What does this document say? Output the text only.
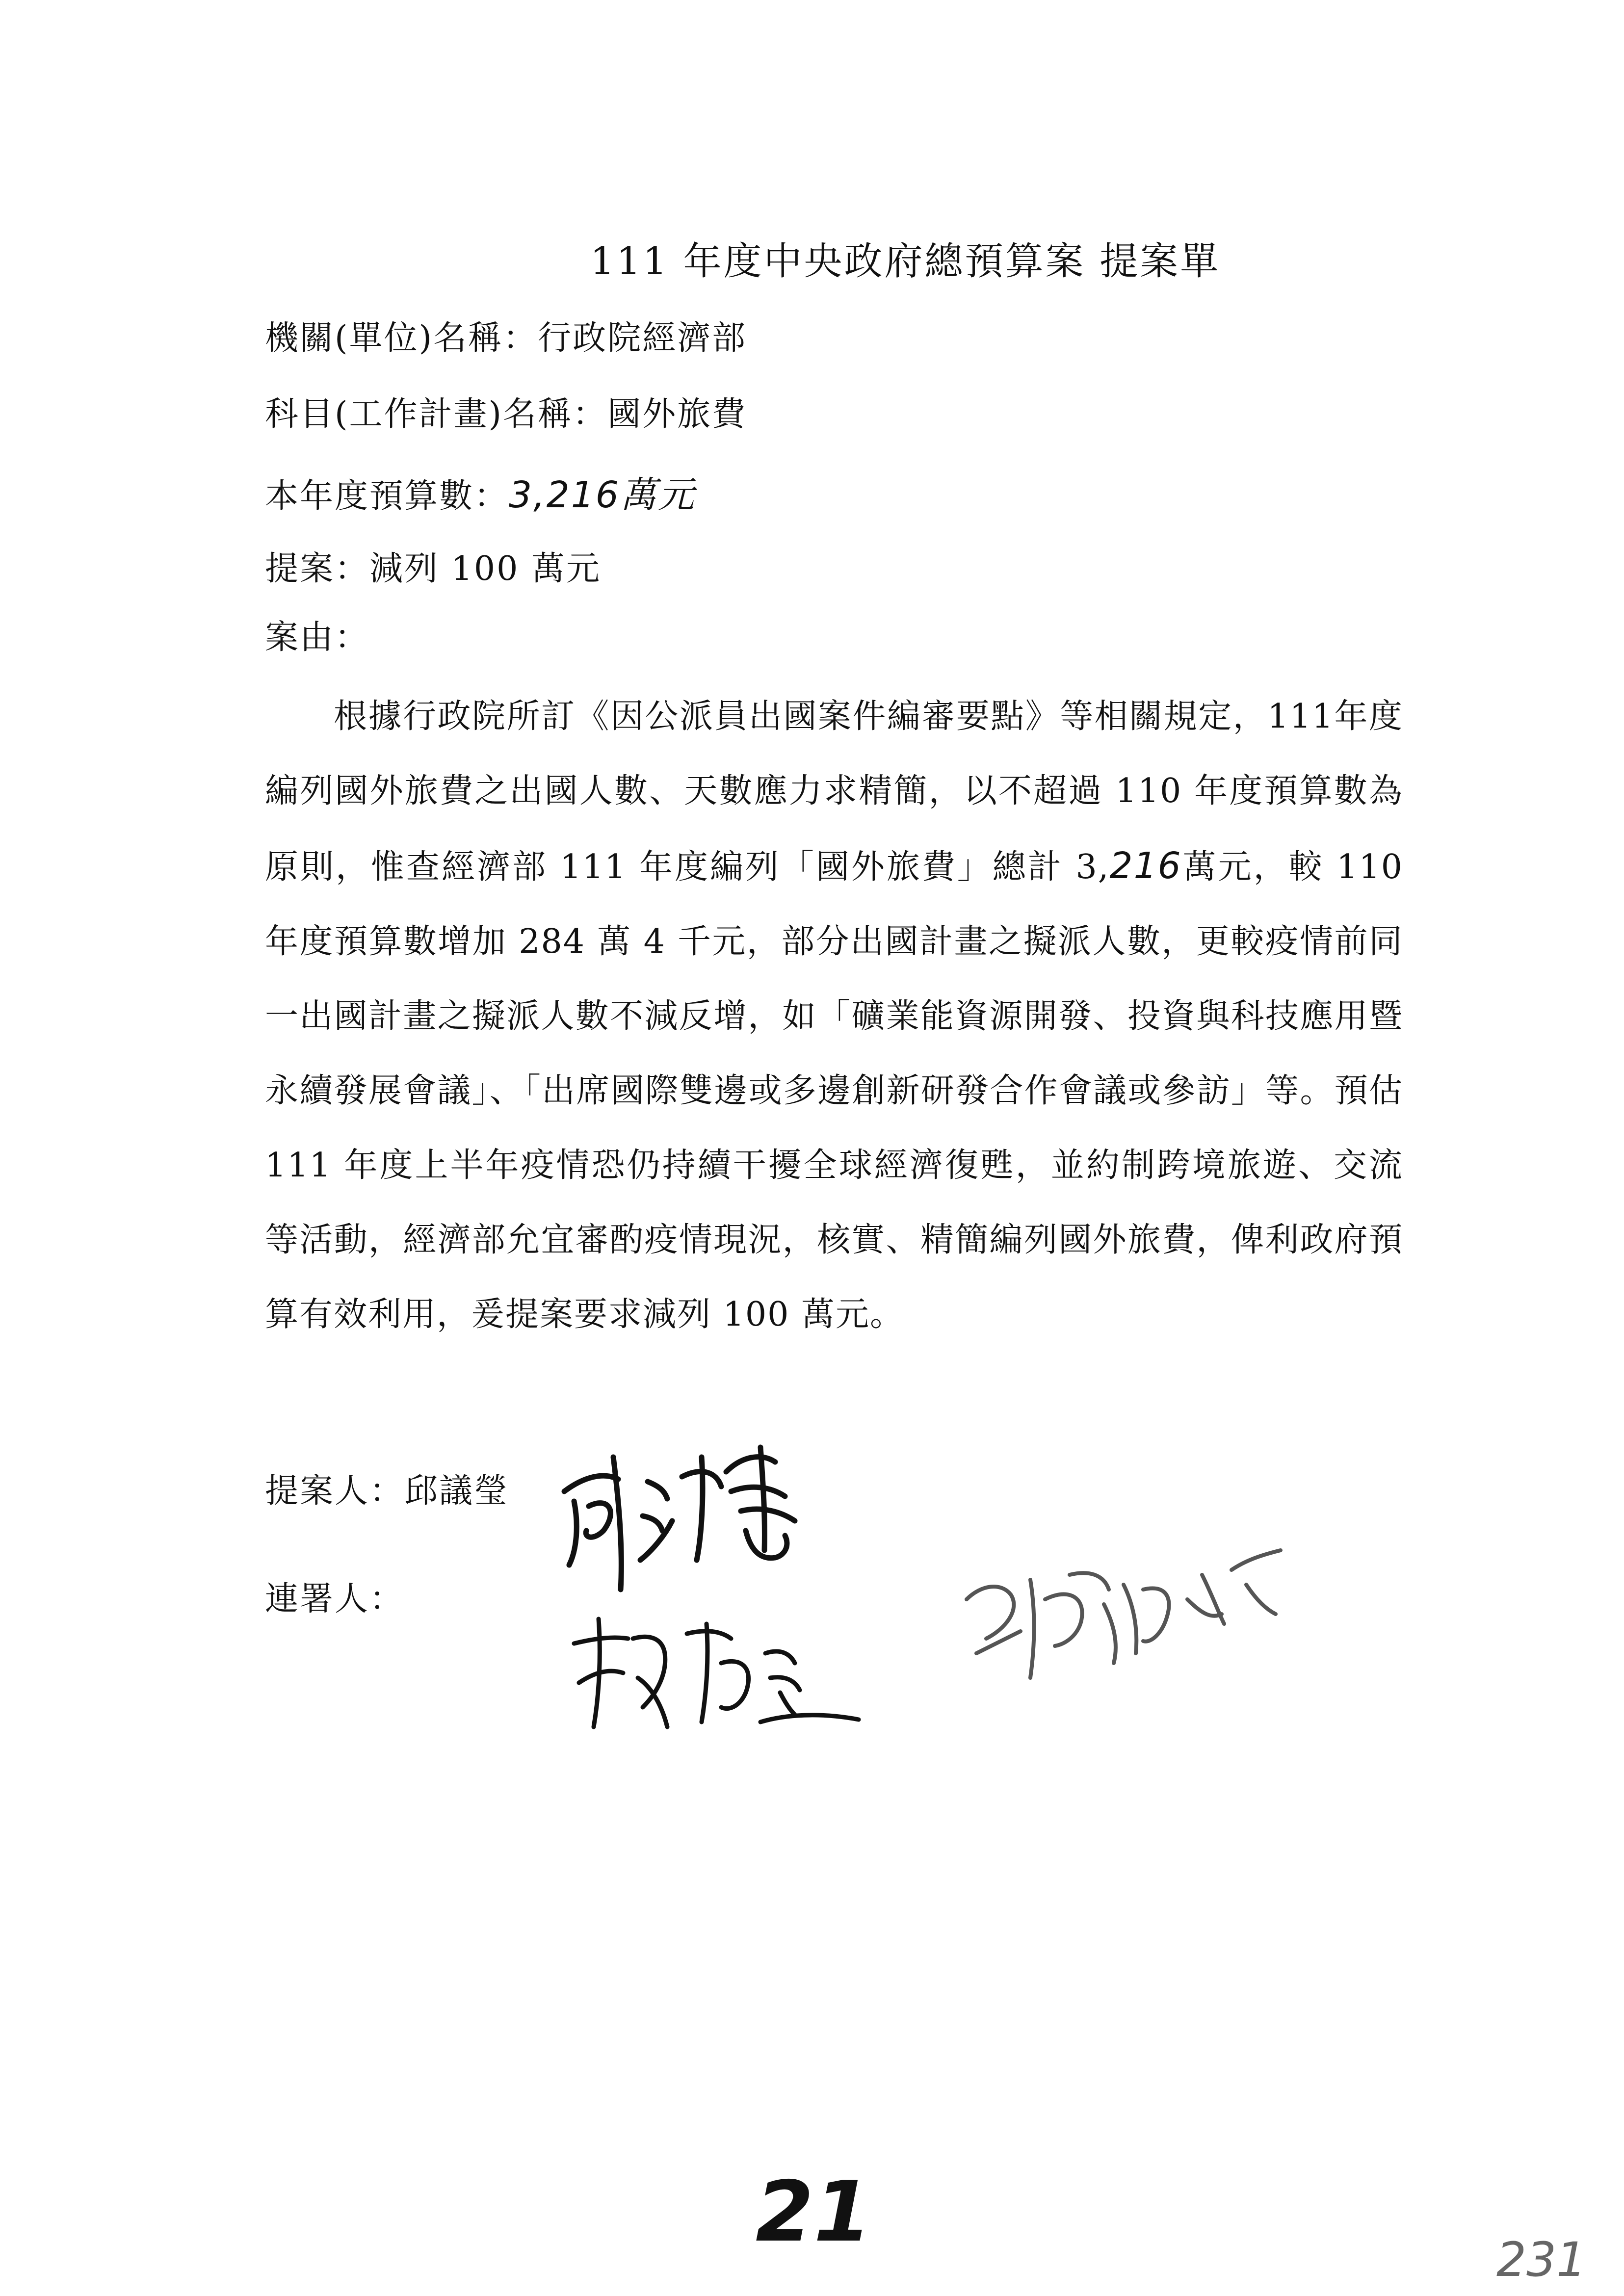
111 年度中央政府總預算案 提案單
機關(單位)名稱：行政院經濟部
科目(工作計畫)名稱：國外旅費
本年度預算數：3,216萬元
提案：減列 100 萬元
案由：
根據行政院所訂《因公派員出國案件編審要點》等相關規定，111年度編列國外旅費之出國人數、天數應力求精簡，以不超過 110 年度預算數為原則，惟查經濟部 111 年度編列「國外旅費」總計 3,216萬元，較 110 年度預算數增加 284 萬 4 千元，部分出國計畫之擬派人數，更較疫情前同一出國計畫之擬派人數不減反增，如「礦業能資源開發、投資與科技應用暨永續發展會議」、「出席國際雙邊或多邊創新研發合作會議或參訪」等。預估 111 年度上半年疫情恐仍持續干擾全球經濟復甦，並約制跨境旅遊、交流等活動，經濟部允宜審酌疫情現況，核實、精簡編列國外旅費，俾利政府預算有效利用，爰提案要求減列 100 萬元。
提案人：邱議瑩
連署人：
21	231
